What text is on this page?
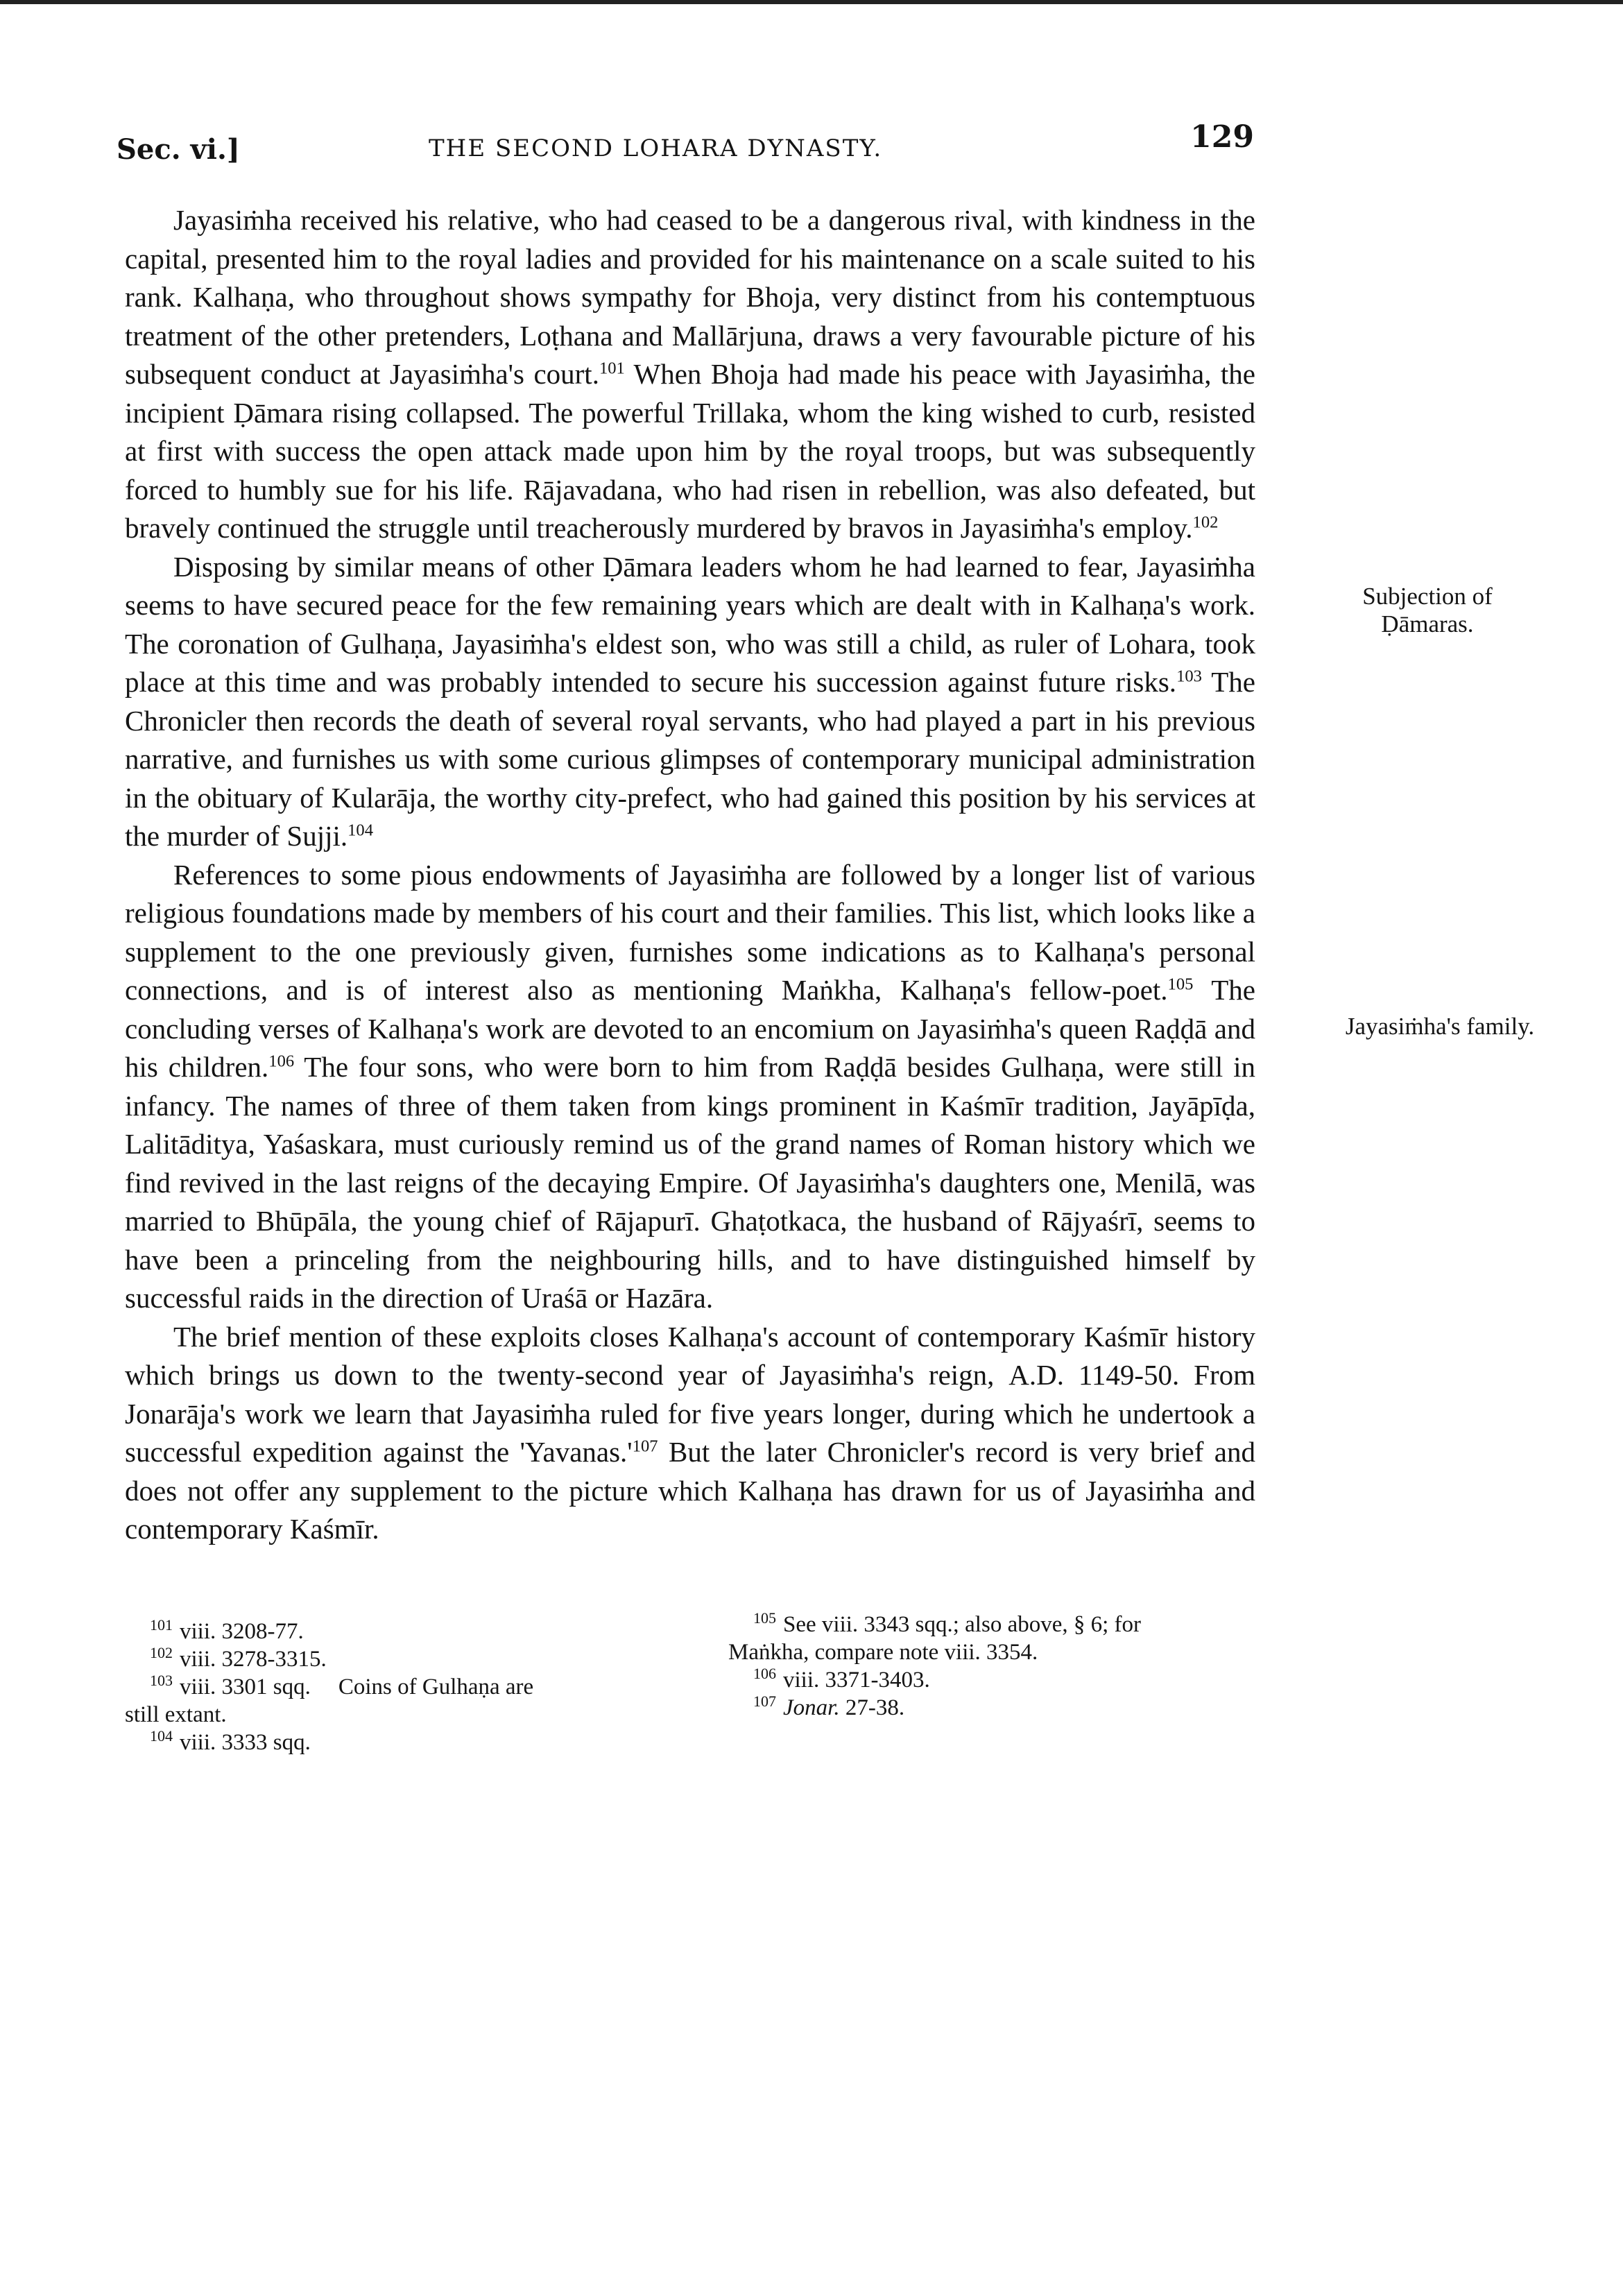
Sec. vi.]	THE SECOND LOHARA DYNASTY.	129

Jayasiṁha received his relative, who had ceased to be a dangerous rival, with kindness in the capital, presented him to the royal ladies and provided for his maintenance on a scale suited to his rank. Kalhaṇa, who throughout shows sympathy for Bhoja, very distinct from his contemptuous treatment of the other pretenders, Loṭhana and Mallārjuna, draws a very favourable picture of his subsequent conduct at Jayasiṁha's court.$^{101}$ When Bhoja had made his peace with Jayasiṁha, the incipient Ḍāmara rising collapsed. The powerful Trillaka, whom the king wished to curb, resisted at first with success the open attack made upon him by the royal troops, but was subsequently forced to humbly sue for his life. Rājavadana, who had risen in rebellion, was also defeated, but bravely continued the struggle until treacherously murdered by bravos in Jayasiṁha's employ.$^{102}$

Disposing by similar means of other Ḍāmara leaders whom he had learned to fear, Jayasiṁha seems to have secured peace for the few remaining years which are dealt with in Kalhaṇa's work. The coronation of Gulhaṇa, Jayasiṁha's eldest son, who was still a child, as ruler of Lohara, took place at this time and was probably intended to secure his succession against future risks.$^{103}$ The Chronicler then records the death of several royal servants, who had played a part in his previous narrative, and furnishes us with some curious glimpses of contemporary municipal administration in the obituary of Kularāja, the worthy city-prefect, who had gained this position by his services at the murder of Sujji.$^{104}$

References to some pious endowments of Jayasiṁha are followed by a longer list of various religious foundations made by members of his court and their families. This list, which looks like a supplement to the one previously given, furnishes some indications as to Kalhaṇa's personal connections, and is of interest also as mentioning Maṅkha, Kalhaṇa's fellow-poet.$^{105}$ The concluding verses of Kalhaṇa's work are devoted to an encomium on Jayasiṁha's queen Raḍḍā and his children.$^{106}$ The four sons, who were born to him from Raḍḍā besides Gulhaṇa, were still in infancy. The names of three of them taken from kings prominent in Kaśmīr tradition, Jayāpīḍa, Lalitāditya, Yaśaskara, must curiously remind us of the grand names of Roman history which we find revived in the last reigns of the decaying Empire. Of Jayasiṁha's daughters one, Menilā, was married to Bhūpāla, the young chief of Rājapurī. Ghaṭotkaca, the husband of Rājyaśrī, seems to have been a princeling from the neighbouring hills, and to have distinguished himself by successful raids in the direction of Uraśā or Hazāra.

The brief mention of these exploits closes Kalhaṇa's account of contemporary Kaśmīr history which brings us down to the twenty-second year of Jayasiṁha's reign, A.D. 1149-50. From Jonarāja's work we learn that Jayasiṁha ruled for five years longer, during which he undertook a successful expedition against the '$Yavanas.'^{107}$ But the later Chronicler's record is very brief and does not offer any supplement to the picture which Kalhaṇa has drawn for us of Jayasiṁha and contemporary Kaśmīr.

Subjection of
Ḍāmaras.
Jayasiṁha's family.

$^{101}$ viii. 3208-77.

$^{102}$ viii. 3278-3315.

$^{103}$ viii. 3301 sqq. Coins of Gulhaṇa are

still extant.

$^{104}$ viii. 3333 sqq.

$^{105}$ See viii. 3343 sqq.; also above, § 6; for

Maṅkha, compare note viii. 3354.

$^{106}$ viii. 3371-3403.

$^{107}$ Jonar. 27-38.
